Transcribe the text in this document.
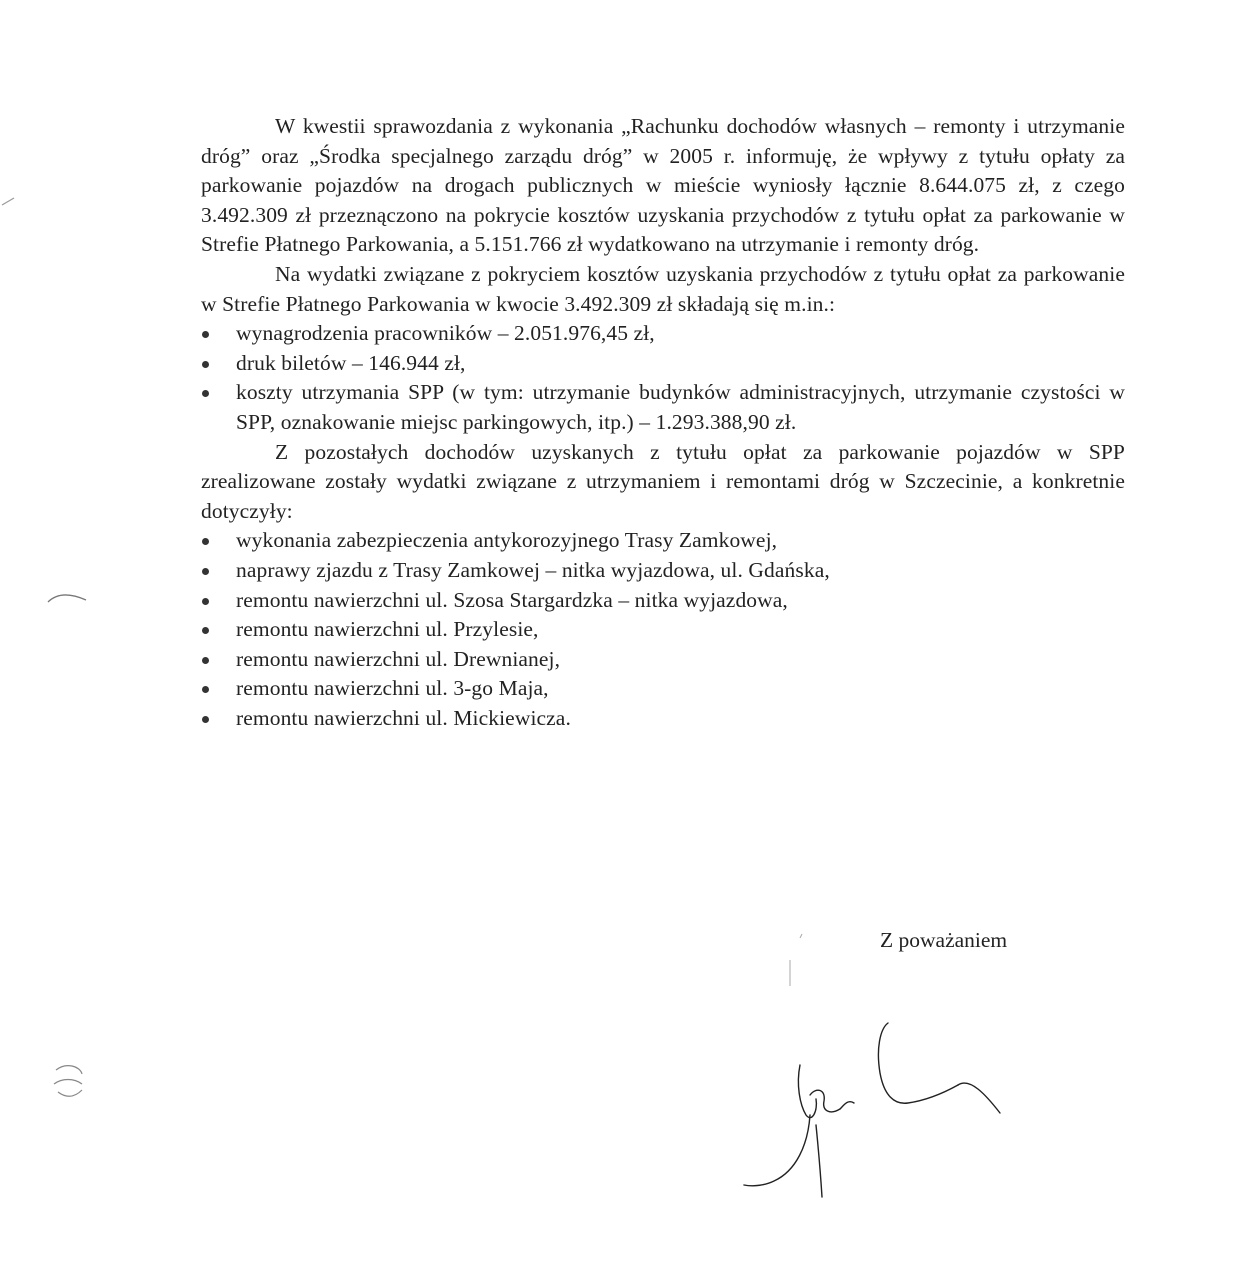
W kwestii sprawozdania z wykonania „Rachunku dochodów własnych – remonty i utrzymanie dróg” oraz „Środka specjalnego zarządu dróg” w 2005 r. informuję, że wpływy z tytułu opłaty za parkowanie pojazdów na drogach publicznych w mieście wyniosły łącznie 8.644.075 zł, z czego 3.492.309 zł przeznączono na pokrycie kosztów uzyskania przychodów z tytułu opłat za parkowanie w Strefie Płatnego Parkowania, a 5.151.766 zł wydatkowano na utrzymanie i remonty dróg.

Na wydatki związane z pokryciem kosztów uzyskania przychodów z tytułu opłat za parkowanie w Strefie Płatnego Parkowania w kwocie 3.492.309 zł składają się m.in.:

wynagrodzenia pracowników – 2.051.976,45 zł,
druk biletów – 146.944 zł,
koszty utrzymania SPP (w tym: utrzymanie budynków administracyjnych, utrzymanie czystości w SPP, oznakowanie miejsc parkingowych, itp.) – 1.293.388,90 zł.

Z pozostałych dochodów uzyskanych z tytułu opłat za parkowanie pojazdów w SPP zrealizowane zostały wydatki związane z utrzymaniem i remontami dróg w Szczecinie, a konkretnie dotyczyły:

wykonania zabezpieczenia antykorozyjnego Trasy Zamkowej,
naprawy zjazdu z Trasy Zamkowej – nitka wyjazdowa, ul. Gdańska,
remontu nawierzchni ul. Szosa Stargardzka – nitka wyjazdowa,
remontu nawierzchni ul. Przylesie,
remontu nawierzchni ul. Drewnianej,
remontu nawierzchni ul. 3-go Maja,
remontu nawierzchni ul. Mickiewicza.
Z poważaniem
